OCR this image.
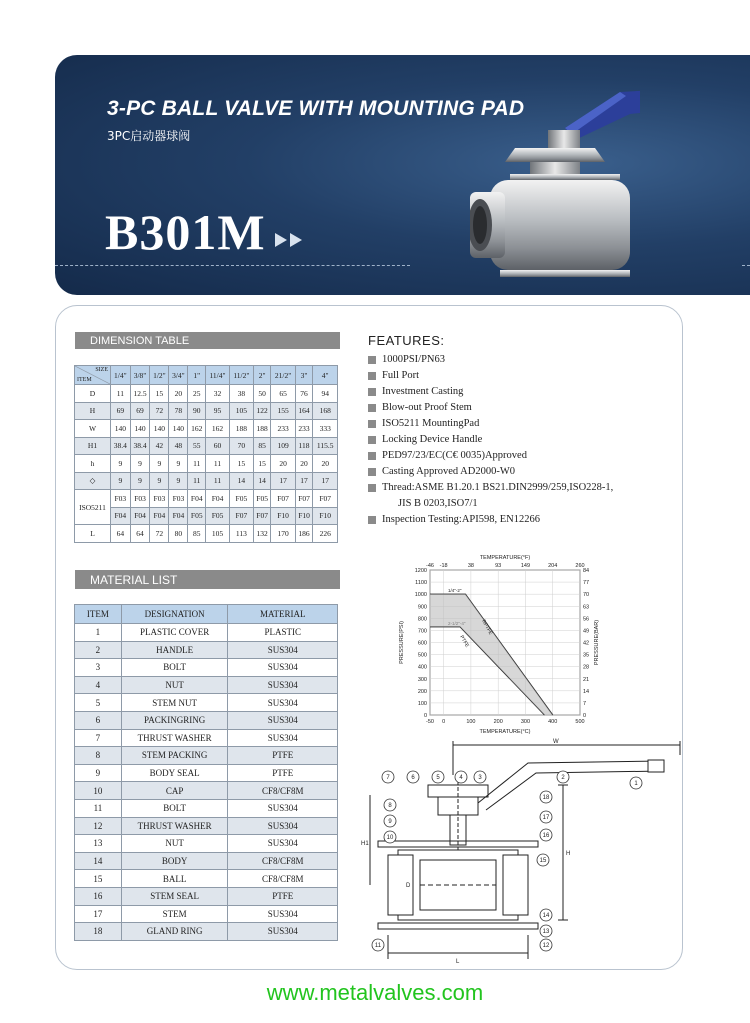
3-PC BALL VALVE WITH MOUNTING PAD
3PC启动器球阀
B301M
DIMENSION TABLE
SIZE
ITEM	1/4"	3/8"	1/2"	3/4"	1"	11/4"	11/2"	2"	21/2"	3"	4"
D	11	12.5	15	20	25	32	38	50	65	76	94
H	69	69	72	78	90	95	105	122	155	164	168
W	140	140	140	140	162	162	188	188	233	233	333
H1	38.4	38.4	42	48	55	60	70	85	109	118	115.5
h	9	9	9	9	11	11	15	15	20	20	20
◇	9	9	9	9	11	11	14	14	17	17	17
ISO5211	F03	F03	F03	F03	F04	F04	F05	F05	F07	F07	F07
	F04	F04	F04	F04	F05	F05	F07	F07	F10	F10	F10
L	64	64	72	80	85	105	113	132	170	186	226
MATERIAL LIST
ITEM	DESIGNATION	MATERIAL
1	PLASTIC COVER	PLASTIC
2	HANDLE	SUS304
3	BOLT	SUS304
4	NUT	SUS304
5	STEM NUT	SUS304
6	PACKINGRING	SUS304
7	THRUST WASHER	SUS304
8	STEM PACKING	PTFE
9	BODY SEAL	PTFE
10	CAP	CF8/CF8M
11	BOLT	SUS304
12	THRUST WASHER	SUS304
13	NUT	SUS304
14	BODY	CF8/CF8M
15	BALL	CF8/CF8M
16	STEM SEAL	PTFE
17	STEM	SUS304
18	GLAND RING	SUS304
FEATURES:
1000PSI/PN63
Full Port
Investment Casting
Blow-out Proof Stem
ISO5211 MountingPad
Locking Device Handle
PED97/23/EC(C€ 0035)Approved
Casting Approved AD2000-W0
Thread:ASME B1.20.1 BS21.DIN2999/259,ISO228-1,
JIS B 0203,ISO7/1
Inspection Testing:API598, EN12266
0	0
100	7
200	14
300	21
400	28
500	35
600	42
700	49
800	56
900	63
1000	70
1100	77
1200	84
-50
-46
0
-18
100
38
200
93
300
149
400
204
500
260
1/4"-2"
RPTFE
PTFE
TEMPERATURE(°C)
TEMPERATURE(°F)
PRESSURE(PSI)	PRESSURE(BAR)
W
L
H
H1
D
7	6	5	4	3	2
1
18
17
16
15
14
13
12
11
10
9
8
www.metalvalves.com
